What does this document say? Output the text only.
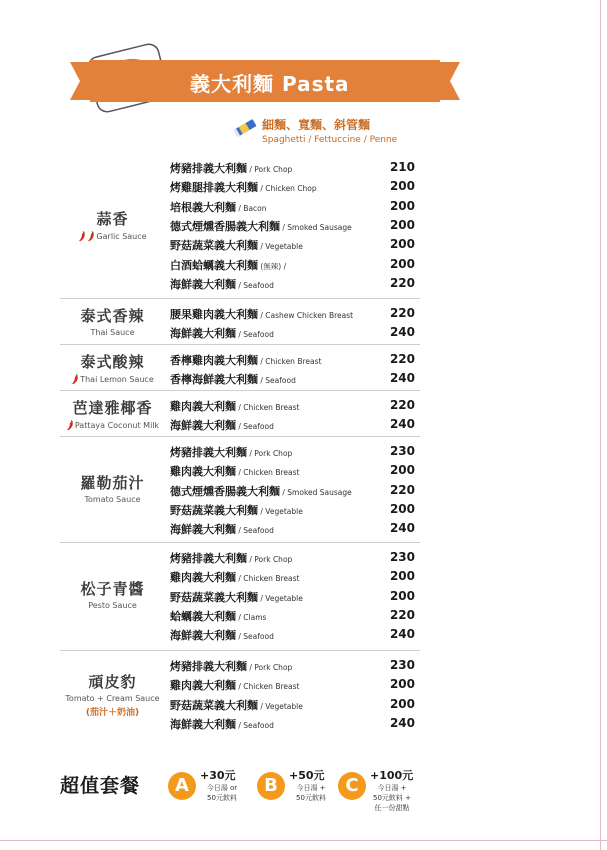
義大利麵 Pasta
細麵、寬麵、斜管麵
Spaghetti / Fettuccine / Penne
蒜香
Garlic Sauce
烤豬排義大利麵 / Pork Chop	210
烤雞腿排義大利麵 / Chicken Chop	200
培根義大利麵 / Bacon	200
德式煙燻香腸義大利麵 / Smoked Sausage	200
野菇蔬菜義大利麵 / Vegetable	200
白酒蛤蠣義大利麵 (無辣) /	200
海鮮義大利麵 / Seafood	220
泰式香辣
Thai Sauce
腰果雞肉義大利麵 / Cashew Chicken Breast	220
海鮮義大利麵 / Seafood	240
泰式酸辣
Thai Lemon Sauce
香檸雞肉義大利麵 / Chicken Breast	220
香檸海鮮義大利麵 / Seafood	240
芭達雅椰香
Pattaya Coconut Milk
雞肉義大利麵 / Chicken Breast	220
海鮮義大利麵 / Seafood	240
羅勒茄汁
Tomato Sauce
烤豬排義大利麵 / Pork Chop	230
雞肉義大利麵 / Chicken Breast	200
德式煙燻香腸義大利麵 / Smoked Sausage	220
野菇蔬菜義大利麵 / Vegetable	200
海鮮義大利麵 / Seafood	240
松子青醬
Pesto Sauce
烤豬排義大利麵 / Pork Chop	230
雞肉義大利麵 / Chicken Breast	200
野菇蔬菜義大利麵 / Vegetable	200
蛤蠣義大利麵 / Clams	220
海鮮義大利麵 / Seafood	240
頑皮豹
Tomato + Cream Sauce
(茄汁＋奶油)
烤豬排義大利麵 / Pork Chop	230
雞肉義大利麵 / Chicken Breast	200
野菇蔬菜義大利麵 / Vegetable	200
海鮮義大利麵 / Seafood	240
超值套餐	A	+30元
今日湯 or
50元飲料
B	+50元
今日湯 +
50元飲料
C	+100元
今日湯 +
50元飲料 +
任一份甜點
